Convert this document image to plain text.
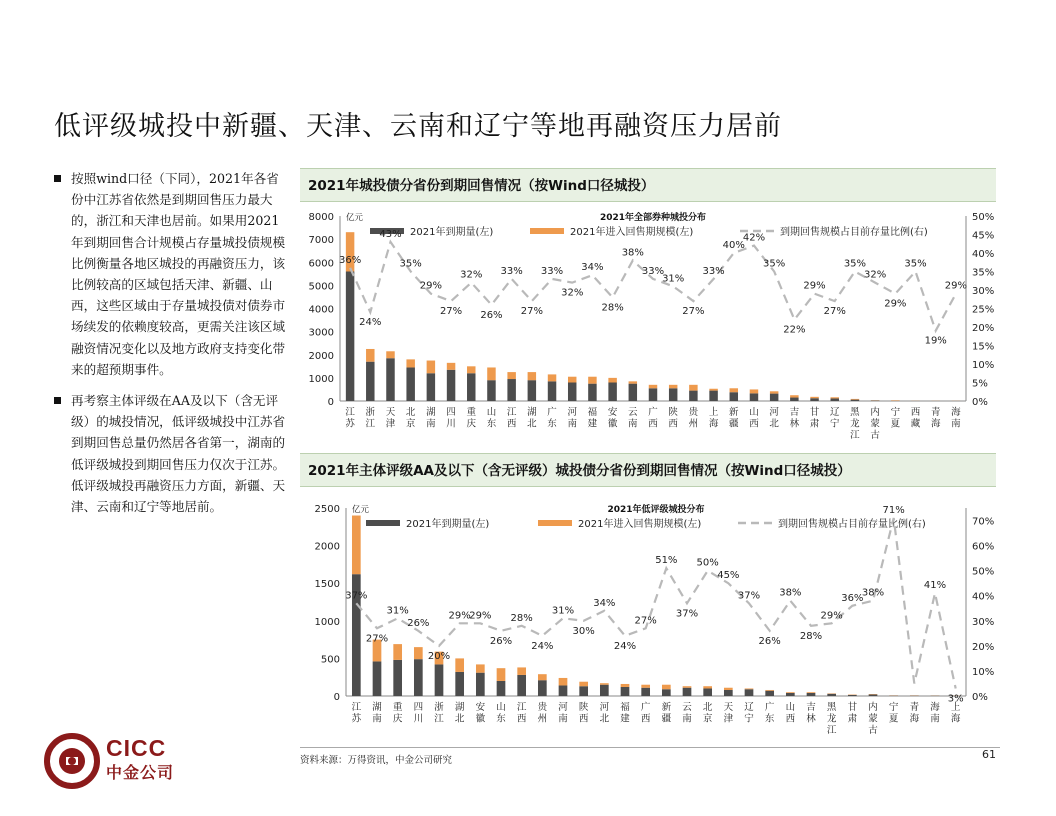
低评级城投中新疆、天津、云南和辽宁等地再融资压力居前
按照wind口径（下同），2021年各省份中江苏省依然是到期回售压力最大的，浙江和天津也居前。如果用2021年到期回售合计规模占存量城投债规模比例衡量各地区城投的再融资压力，该比例较高的区域包括天津、新疆、山西，这些区域由于存量城投债对债券市场续发的依赖度较高，更需关注该区域融资情况变化以及地方政府支持变化带来的超预期事件。
再考察主体评级在AA及以下（含无评级）的城投情况，低评级城投中江苏省到期回售总量仍然居各省第一，湖南的低评级城投到期回售压力仅次于江苏。低评级城投再融资压力方面，新疆、天津、云南和辽宁等地居前。
2021年城投债分省份到期回售情况（按Wind口径城投）
0
1000
2000
3000
4000
5000
6000
7000
8000
0%
5%
10%
15%
20%
25%
30%
35%
40%
45%
50%
亿元	2021年全部券种城投分布
2021年到期量(左)	2021年进入回售期规模(左)	到期回售规模占目前存量比例(右)
江
苏
浙
江
天
津
北
京
湖
南
四
川
重
庆
山
东
江
西
湖
北
广
东
河
南
福
建
安
徽
云
南
广
西
陕
西
贵
州
上
海
新
疆
山
西
河
北
吉
林
甘
肃
辽
宁
黑
龙
江
内
蒙
古
宁
夏
西
藏
青
海
海
南
36%
24%
43%
35%
29%
27%
32%
26%
33%
27%
33%
32%
34%
28%
38%
33%
31%
27%
33%
40%
42%
35%
22%
29%
27%
35%
32%
29%
35%
19%
29%
2021年主体评级AA及以下（含无评级）城投债分省份到期回售情况（按Wind口径城投）
0
500
1000
1500
2000
2500
0%
10%
20%
30%
40%
50%
60%
70%
亿元	2021年低评级城投分布
2021年到期量(左)	2021年进入回售期规模(左)	到期回售规模占目前存量比例(右)
江
苏
湖
南
重
庆
四
川
浙
江
湖
北
安
徽
山
东
江
西
贵
州
河
南
陕
西
河
北
福
建
广
西
新
疆
云
南
北
京
天
津
辽
宁
广
东
山
西
吉
林
黑
龙
江
甘
肃
内
蒙
古
宁
夏
青
海
海
南
上
海
37%
27%
31%
26%
20%
29%
29%
26%
28%
24%
31%
30%
34%
24%
27%
51%
37%
50%
45%
37%
26%
38%
28%
29%
36%
38%
71%
41%
3%
资料来源：万得资讯，中金公司研究	61
CICC
中金公司
